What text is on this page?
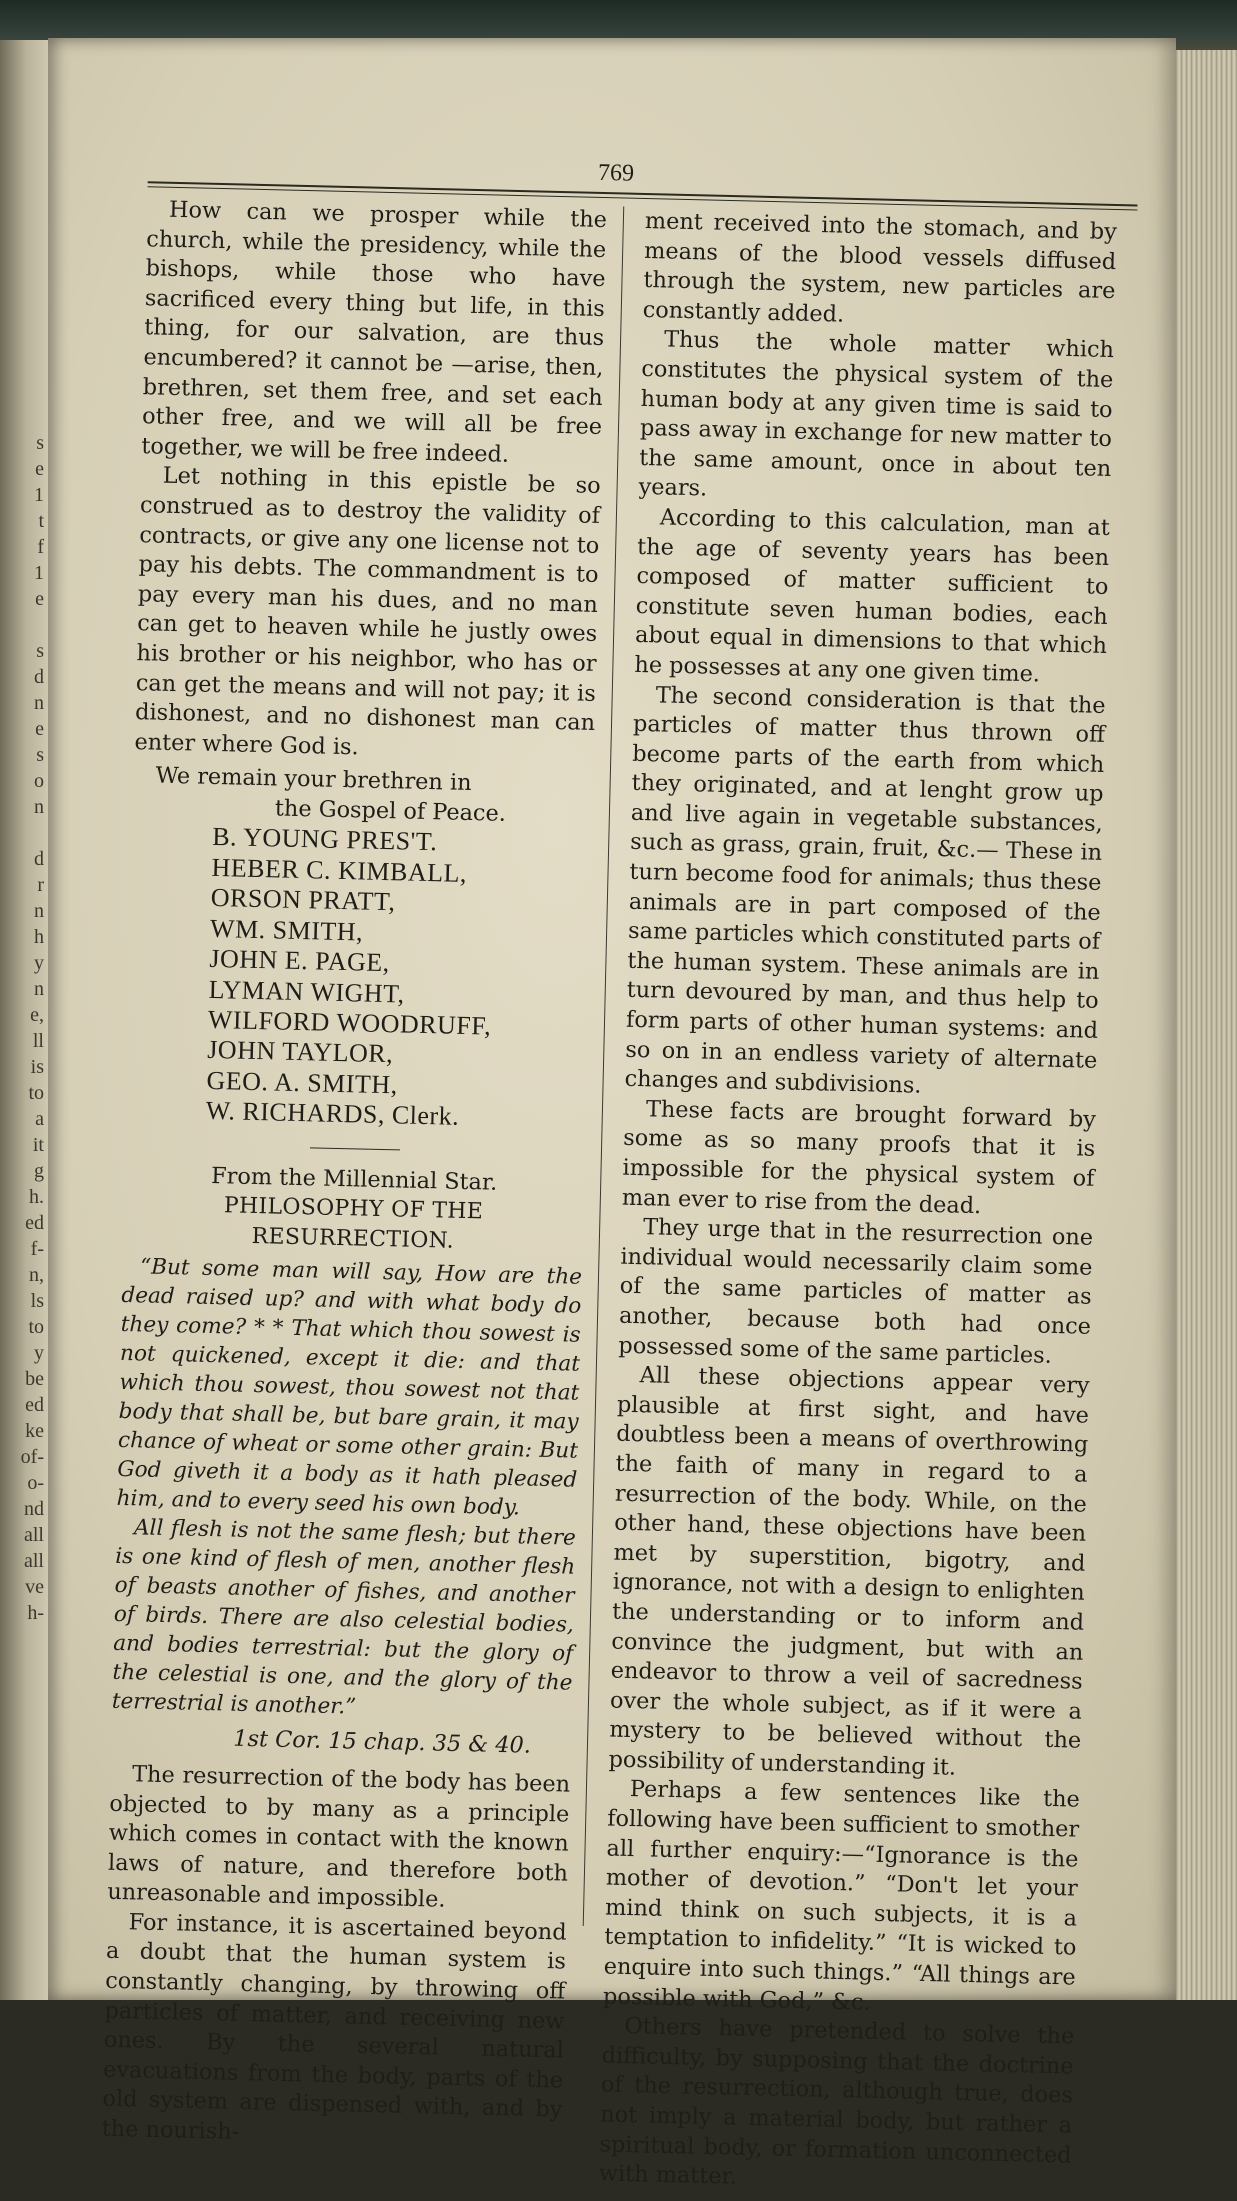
s
e
1
t
f
1
e

s
d
n
e
s
o
n

d
r
n
h
y
n
e,
ll
is
to
a
it
g
h.
ed
f-
n,
ls
to
y
be
ed
ke
of-
o-
nd
all
all
ve
h-
769

How can we prosper while the church, while the presidency, while the bishops, while those who have sacrificed every thing but life, in this thing, for our salvation, are thus encumbered? it cannot be —arise, then, brethren, set them free, and set each other free, and we will all be free together, we will be free indeed.

Let nothing in this epistle be so construed as to destroy the validity of contracts, or give any one license not to pay his debts. The commandment is to pay every man his dues, and no man can get to heaven while he justly owes his brother or his neighbor, who has or can get the means and will not pay; it is dishonest, and no dishonest man can enter where God is.

We remain your brethren in

the Gospel of Peace.

B. YOUNG PRES'T.
HEBER C. KIMBALL,
ORSON PRATT,
WM. SMITH,
JOHN E. PAGE,
LYMAN WIGHT,
WILFORD WOODRUFF,
JOHN TAYLOR,
GEO. A. SMITH,
W. RICHARDS, Clerk.

From the Millennial Star.

PHILOSOPHY OF THE RESURRECTION.

“But some man will say, How are the dead raised up? and with what body do they come? * * That which thou sowest is not quickened, except it die: and that which thou sowest, thou sowest not that body that shall be, but bare grain, it may chance of wheat or some other grain: But God giveth it a body as it hath pleased him, and to every seed his own body.

All flesh is not the same flesh; but there is one kind of flesh of men, another flesh of beasts another of fishes, and another of birds. There are also celestial bodies, and bodies terrestrial: but the glory of the celestial is one, and the glory of the terrestrial is another.”

1st Cor. 15 chap. 35 & 40.

The resurrection of the body has been objected to by many as a principle which comes in contact with the known laws of nature, and therefore both unreasonable and impossible.

For instance, it is ascertained beyond a doubt that the human system is constantly changing, by throwing off particles of matter, and receiving new ones. By the several natural evacuations from the body, parts of the old system are dispensed with, and by the nourish-

ment received into the stomach, and by means of the blood vessels diffused through the system, new particles are constantly added.

Thus the whole matter which constitutes the physical system of the human body at any given time is said to pass away in exchange for new matter to the same amount, once in about ten years.

According to this calculation, man at the age of seventy years has been composed of matter sufficient to constitute seven human bodies, each about equal in dimensions to that which he possesses at any one given time.

The second consideration is that the particles of matter thus thrown off become parts of the earth from which they originated, and at lenght grow up and live again in vegetable substances, such as grass, grain, fruit, &c.— These in turn become food for animals; thus these animals are in part composed of the same particles which constituted parts of the human system. These animals are in turn devoured by man, and thus help to form parts of other human systems: and so on in an endless variety of alternate changes and subdivisions.

These facts are brought forward by some as so many proofs that it is impossible for the physical system of man ever to rise from the dead.

They urge that in the resurrection one individual would necessarily claim some of the same particles of matter as another, because both had once possessed some of the same particles.

All these objections appear very plausible at first sight, and have doubtless been a means of overthrowing the faith of many in regard to a resurrection of the body. While, on the other hand, these objections have been met by superstition, bigotry, and ignorance, not with a design to enlighten the understanding or to inform and convince the judgment, but with an endeavor to throw a veil of sacredness over the whole subject, as if it were a mystery to be believed without the possibility of understanding it.

Perhaps a few sentences like the following have been sufficient to smother all further enquiry:—“Ignorance is the mother of devotion.” “Don't let your mind think on such subjects, it is a temptation to infidelity.” “It is wicked to enquire into such things.” “All things are possible with God,” &c.

Others have pretended to solve the difficulty, by supposing that the doctrine of the resurrection, although true, does not imply a material body, but rather a spiritual body, or formation unconnected with matter.
